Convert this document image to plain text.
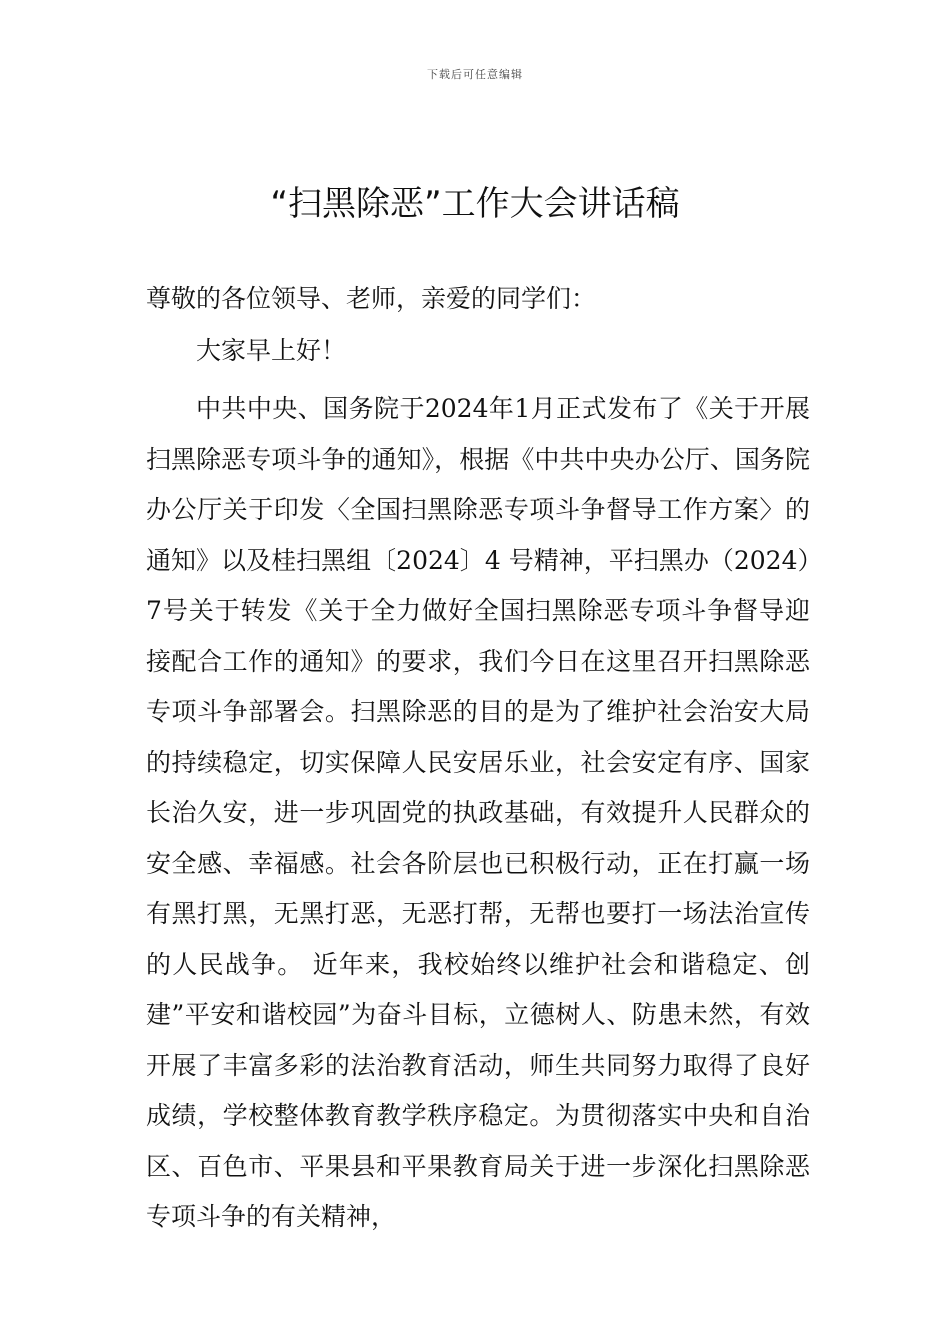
下载后可任意编辑
“扫黑除恶”工作大会讲话稿

尊敬的各位领导、老师，亲爱的同学们：

大家早上好！

中共中央、国务院于2024年1月正式发布了《关于开展扫黑除恶专项斗争的通知》，根据《中共中央办公厅、国务院办公厅关于印发〈全国扫黑除恶专项斗争督导工作方案〉的通知》以及桂扫黑组〔2024〕4 号精神，平扫黑办（2024）7号关于转发《关于全力做好全国扫黑除恶专项斗争督导迎接配合工作的通知》的要求，我们今日在这里召开扫黑除恶专项斗争部署会。扫黑除恶的目的是为了维护社会治安大局的持续稳定，切实保障人民安居乐业，社会安定有序、国家长治久安，进一步巩固党的执政基础，有效提升人民群众的安全感、幸福感。社会各阶层也已积极行动，正在打赢一场有黑打黑，无黑打恶，无恶打帮，无帮也要打一场法治宣传的人民战争。 近年来，我校始终以维护社会和谐稳定、创建”平安和谐校园”为奋斗目标，立德树人、防患未然，有效开展了丰富多彩的法治教育活动，师生共同努力取得了良好成绩，学校整体教育教学秩序稳定。为贯彻落实中央和自治区、百色市、平果县和平果教育局关于进一步深化扫黑除恶专项斗争的有关精神，
